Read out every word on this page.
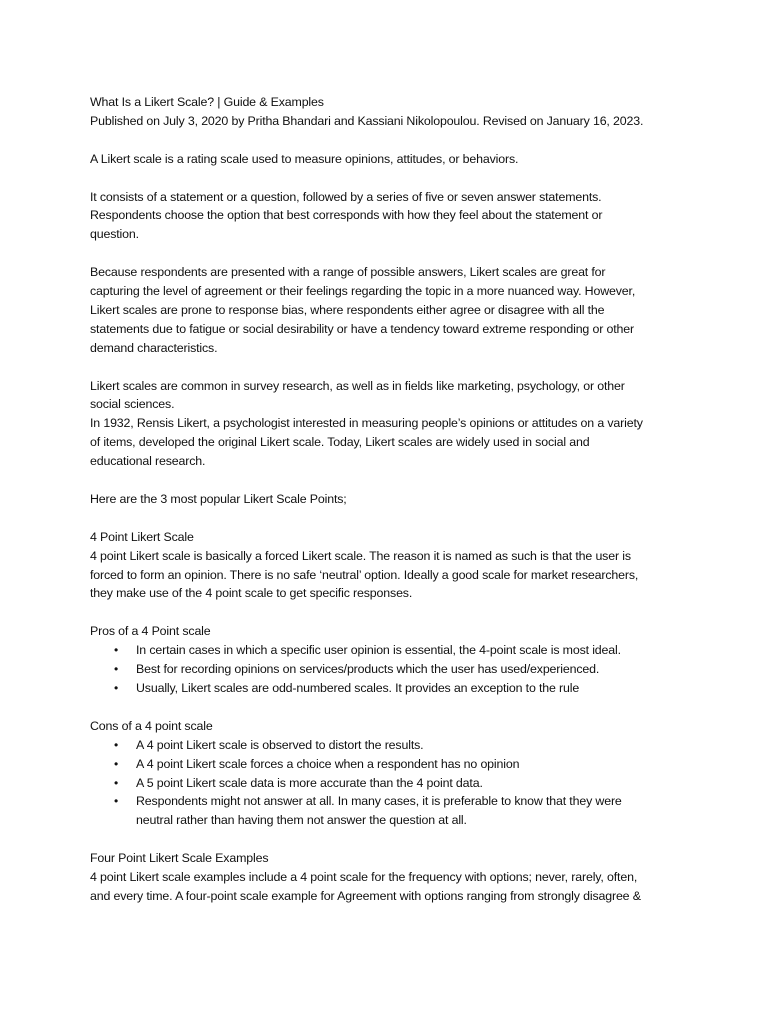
What Is a Likert Scale? | Guide & Examples

Published on July 3, 2020 by Pritha Bhandari and Kassiani Nikolopoulou. Revised on January 16, 2023.

A Likert scale is a rating scale used to measure opinions, attitudes, or behaviors.

It consists of a statement or a question, followed by a series of five or seven answer statements.

Respondents choose the option that best corresponds with how they feel about the statement or

question.

Because respondents are presented with a range of possible answers, Likert scales are great for

capturing the level of agreement or their feelings regarding the topic in a more nuanced way. However,

Likert scales are prone to response bias, where respondents either agree or disagree with all the

statements due to fatigue or social desirability or have a tendency toward extreme responding or other

demand characteristics.

Likert scales are common in survey research, as well as in fields like marketing, psychology, or other

social sciences.

In 1932, Rensis Likert, a psychologist interested in measuring people’s opinions or attitudes on a variety

of items, developed the original Likert scale. Today, Likert scales are widely used in social and

educational research.

Here are the 3 most popular Likert Scale Points;

4 Point Likert Scale

4 point Likert scale is basically a forced Likert scale. The reason it is named as such is that the user is

forced to form an opinion. There is no safe ‘neutral’ option. Ideally a good scale for market researchers,

they make use of the 4 point scale to get specific responses.

Pros of a 4 Point scale

• In certain cases in which a specific user opinion is essential, the 4-point scale is most ideal.
• Best for recording opinions on services/products which the user has used/experienced.
• Usually, Likert scales are odd-numbered scales. It provides an exception to the rule

Cons of a 4 point scale

• A 4 point Likert scale is observed to distort the results.
• A 4 point Likert scale forces a choice when a respondent has no opinion
• A 5 point Likert scale data is more accurate than the 4 point data.
• Respondents might not answer at all. In many cases, it is preferable to know that they were
neutral rather than having them not answer the question at all.

Four Point Likert Scale Examples

4 point Likert scale examples include a 4 point scale for the frequency with options; never, rarely, often,

and every time. A four-point scale example for Agreement with options ranging from strongly disagree &
